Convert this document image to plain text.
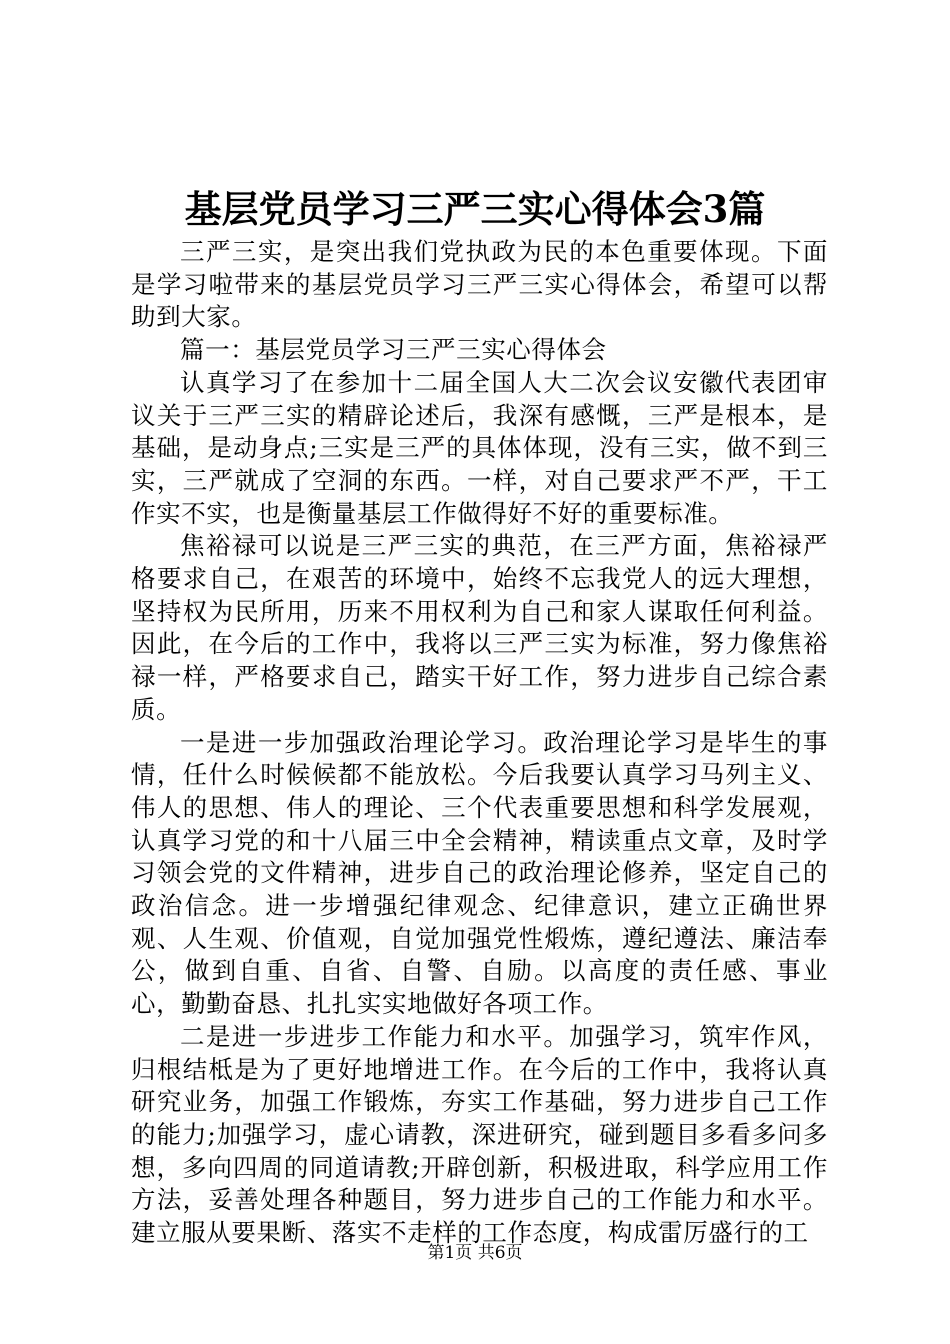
基层党员学习三严三实心得体会3篇

三严三实，是突出我们党执政为民的本色重要体现。下面是学习啦带来的基层党员学习三严三实心得体会，希望可以帮助到大家。

篇一：基层党员学习三严三实心得体会

认真学习了在参加十二届全国人大二次会议安徽代表团审议关于三严三实的精辟论述后，我深有感慨，三严是根本，是基础，是动身点;三实是三严的具体体现，没有三实，做不到三实，三严就成了空洞的东西。一样，对自己要求严不严，干工作实不实，也是衡量基层工作做得好不好的重要标准。

焦裕禄可以说是三严三实的典范，在三严方面，焦裕禄严格要求自己，在艰苦的环境中，始终不忘我党人的远大理想，坚持权为民所用，历来不用权利为自己和家人谋取任何利益。因此，在今后的工作中，我将以三严三实为标准，努力像焦裕禄一样，严格要求自己，踏实干好工作，努力进步自己综合素质。

一是进一步加强政治理论学习。政治理论学习是毕生的事情，任什么时候候都不能放松。今后我要认真学习马列主义、伟人的思想、伟人的理论、三个代表重要思想和科学发展观，认真学习党的和十八届三中全会精神，精读重点文章，及时学习领会党的文件精神，进步自己的政治理论修养，坚定自己的政治信念。进一步增强纪律观念、纪律意识，建立正确世界观、人生观、价值观，自觉加强党性煅炼，遵纪遵法、廉洁奉公，做到自重、自省、自警、自励。以高度的责任感、事业心，勤勤奋恳、扎扎实实地做好各项工作。

二是进一步进步工作能力和水平。加强学习，筑牢作风，归根结柢是为了更好地增进工作。在今后的工作中，我将认真研究业务，加强工作锻炼，夯实工作基础，努力进步自己工作的能力;加强学习，虚心请教，深进研究，碰到题目多看多问多想，多向四周的同道请教;开辟创新，积极进取，科学应用工作方法，妥善处理各种题目，努力进步自己的工作能力和水平。建立服从要果断、落实不走样的工作态度，构成雷厉盛行的工

第1页 共6页
